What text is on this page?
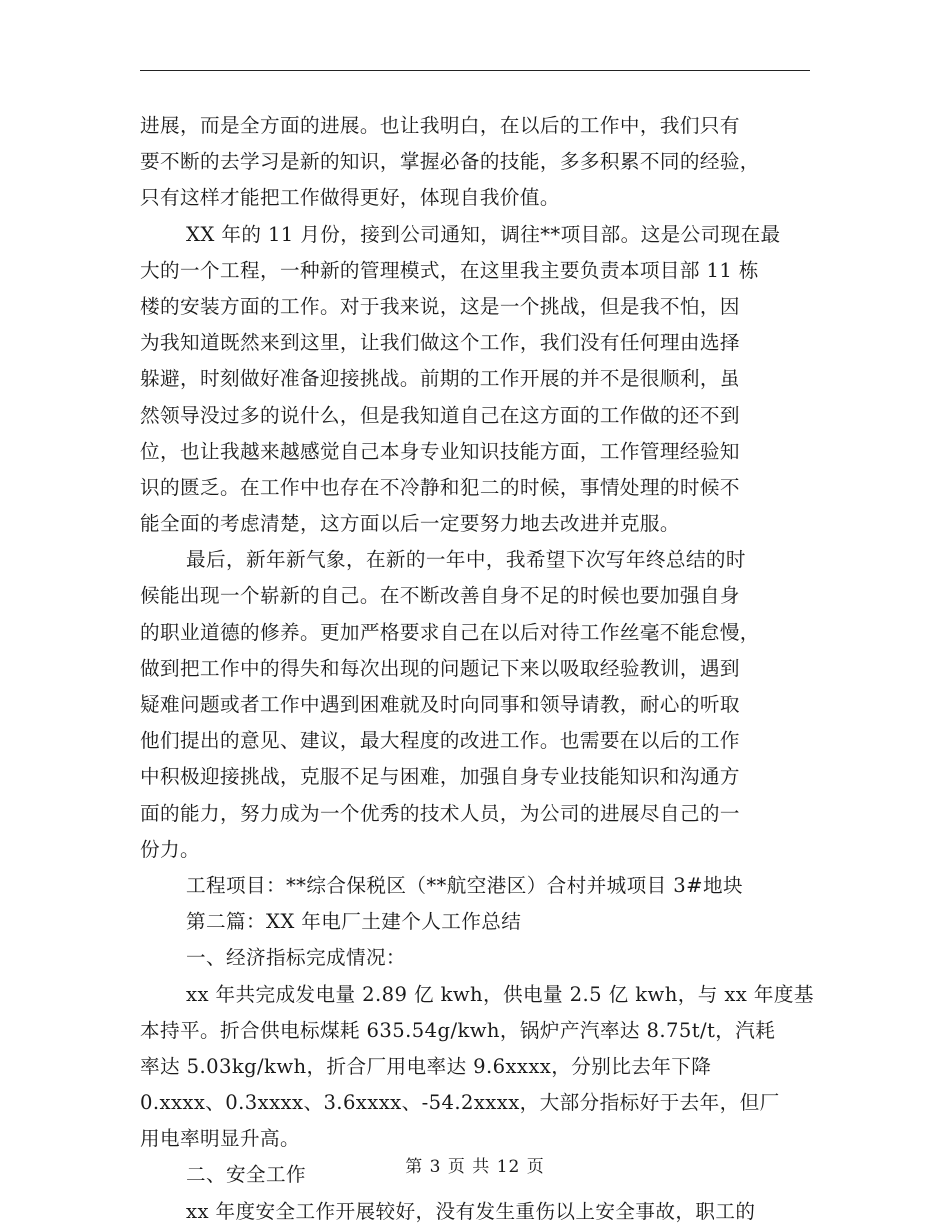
进展，而是全方面的进展。也让我明白，在以后的工作中，我们只有
要不断的去学习是新的知识，掌握必备的技能，多多积累不同的经验，
只有这样才能把工作做得更好，体现自我价值。
XX 年的 11 月份，接到公司通知，调往**项目部。这是公司现在最
大的一个工程，一种新的管理模式，在这里我主要负责本项目部 11 栋
楼的安装方面的工作。对于我来说，这是一个挑战，但是我不怕，因
为我知道既然来到这里，让我们做这个工作，我们没有任何理由选择
躲避，时刻做好准备迎接挑战。前期的工作开展的并不是很顺利，虽
然领导没过多的说什么，但是我知道自己在这方面的工作做的还不到
位，也让我越来越感觉自己本身专业知识技能方面，工作管理经验知
识的匮乏。在工作中也存在不冷静和犯二的时候，事情处理的时候不
能全面的考虑清楚，这方面以后一定要努力地去改进并克服。
最后，新年新气象，在新的一年中，我希望下次写年终总结的时
候能出现一个崭新的自己。在不断改善自身不足的时候也要加强自身
的职业道德的修养。更加严格要求自己在以后对待工作丝毫不能怠慢，
做到把工作中的得失和每次出现的问题记下来以吸取经验教训，遇到
疑难问题或者工作中遇到困难就及时向同事和领导请教，耐心的听取
他们提出的意见、建议，最大程度的改进工作。也需要在以后的工作
中积极迎接挑战，克服不足与困难，加强自身专业技能知识和沟通方
面的能力，努力成为一个优秀的技术人员，为公司的进展尽自己的一
份力。
工程项目：**综合保税区（**航空港区）合村并城项目 3#地块
第二篇：XX 年电厂土建个人工作总结
一、经济指标完成情况：
xx 年共完成发电量 2.89 亿 kwh，供电量 2.5 亿 kwh，与 xx 年度基
本持平。折合供电标煤耗 635.54g/kwh，锅炉产汽率达 8.75t/t，汽耗
率达 5.03kg/kwh，折合厂用电率达 9.6xxxx，分别比去年下降
0.xxxx、0.3xxxx、3.6xxxx、-54.2xxxx，大部分指标好于去年，但厂
用电率明显升高。
二、安全工作
xx 年度安全工作开展较好，没有发生重伤以上安全事故，职工的
第 3 页 共 12 页
